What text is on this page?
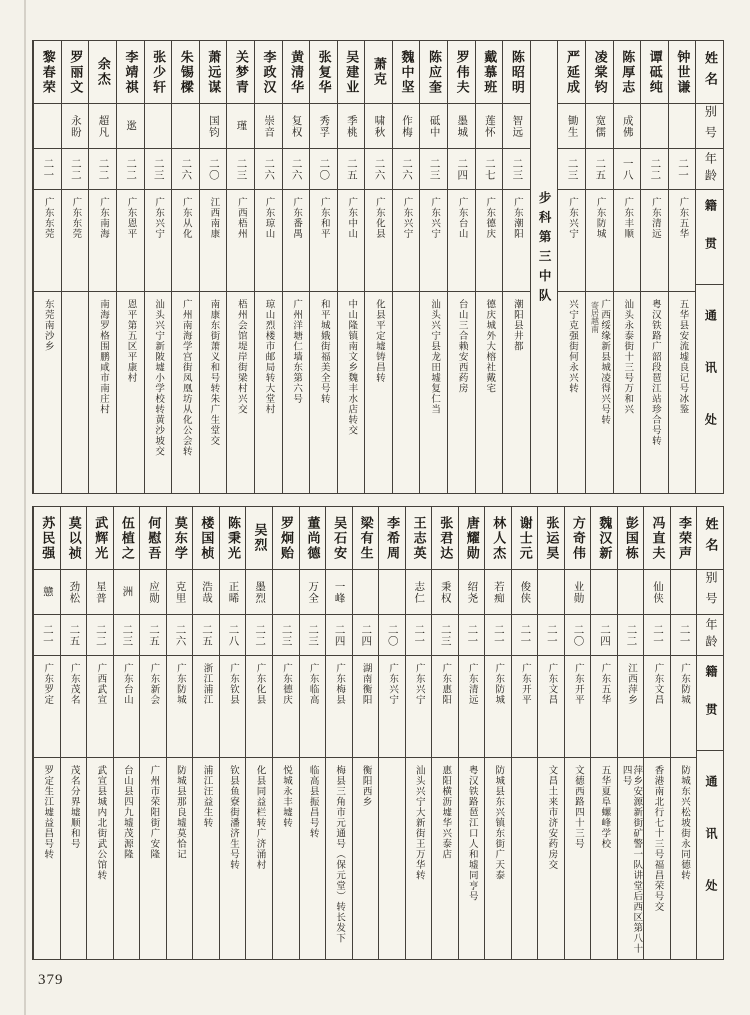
姓名
别号
年龄
籍贯
通讯处
钟世谦
二一
广东五华
五华县安流墟良记号冰鉴
谭砥纯
二二
广东清远
粤汉铁路广韶段琶江站珍合号转
陈厚志
成佛
一八
广东丰顺
汕头永泰街十三号万和兴
凌棠钧
宽儒
二五
广东防城
广西绥缘新县城凌得兴号转
寄居越南
严延成
锄生
二三
广东兴宁
兴宁克强街何永兴转
步科第三中队
陈昭明
智远
二三
广东潮阳
潮阳县井都
戴慕班
莲怀
二七
广东德庆
德庆城外大榕社戴宅
罗伟夫
墨城
二四
广东台山
台山三合赖安西药房
陈应奎
砥中
二三
广东兴宁
汕头兴宁县龙田墟复仁当
魏中坚
作梅
二六
广东兴宁
萧克
啸秋
二六
广东化县
化县平定墟铸昌转
吴建业
季桃
二五
广东中山
中山隆镇南文乡魏丰水店转交
张复华
秀孚
二〇
广东和平
和平城娥街福美全号转
黄清华
复权
二六
广东番禺
广州洋塘仁墙东第六号
李政汉
崇音
二六
广东琼山
琼山烈楼市邮局转大堂村
关梦青
瑾
二三
广西梧州
梧州会馆堤岸街梁村兴交
萧远谋
国钧
二〇
江西南康
南康东街萧义和号转朱广生堂交
朱锡樑
二六
广东从化
广州南海学宫街凤凰坊从化公会转
张少轩
二三
广东兴宁
汕头兴宁新陂墟小学校转黄沙坡交
李靖祺
逖
二二
广东恩平
恩平第五区平康村
余杰
超凡
二二
广东南海
南海罗格围鹏咸市南庄村
罗丽文
永盼
二二
广东东莞
黎春荣
二一
广东东莞
东莞南沙乡
姓名
别号
年龄
籍贯
通讯处
李荣声
二一
广东防城
防城东兴松坡街永同德转
冯直夫
仙侠
二一
广东文昌
香港南北行七十三号福昌荣号交
彭国栋
二二
江西萍乡
萍乡安源新街矿警一队讲堂后西区第八十四号
魏汉新
二四
广东五华
五华夏阜螺峰学校
方奇伟
业勋
二〇
广东开平
文德西路四十三号
张运昊
二一
广东文昌
文昌土来市济安药房交
谢士元
俊侠
二一
广东开平
林人杰
若痴
二一
广东防城
防城县东兴镇东街广天泰
唐耀勋
绍尧
二一
广东清远
粤汉铁路琶江口人和墟同亨号
张君达
秉权
二三
广东惠阳
惠阳横沥墟华兴泰店
王志英
志仁
二一
广东兴宁
汕头兴宁大新街王万华转
李希周
二〇
广东兴宁
梁有生
二四
湖南衡阳
衡阳西乡
吴石安
一峰
二四
广东梅县
梅县三角市元通号（保元堂）转长发下
董尚德
万全
二三
广东临高
临高县振昌号转
罗炯贻
二三
广东德庆
悦城永丰墟转
吴烈
墨烈
二二
广东化县
化县同益栏转广济涌村
陈秉光
正晞
二八
广东钦县
钦县鱼寮街潘济生号转
楼国桢
浩哉
二五
浙江浦江
浦江汪益生转
莫东学
克里
二六
广东防城
防城县那良墟莫恰记
何慰吾
应勋
二五
广东新会
广州市荣阳街广安隆
伍植之
洲
二三
广东台山
台山县四九墟茂源隆
武辉光
星普
二二
广西武宣
武宣县城内北街武公馆转
莫以祯
劲松
二五
广东茂名
茂名分界墟顺和号
苏民强
戆
二一
广东罗定
罗定生江墟益昌号转
379
